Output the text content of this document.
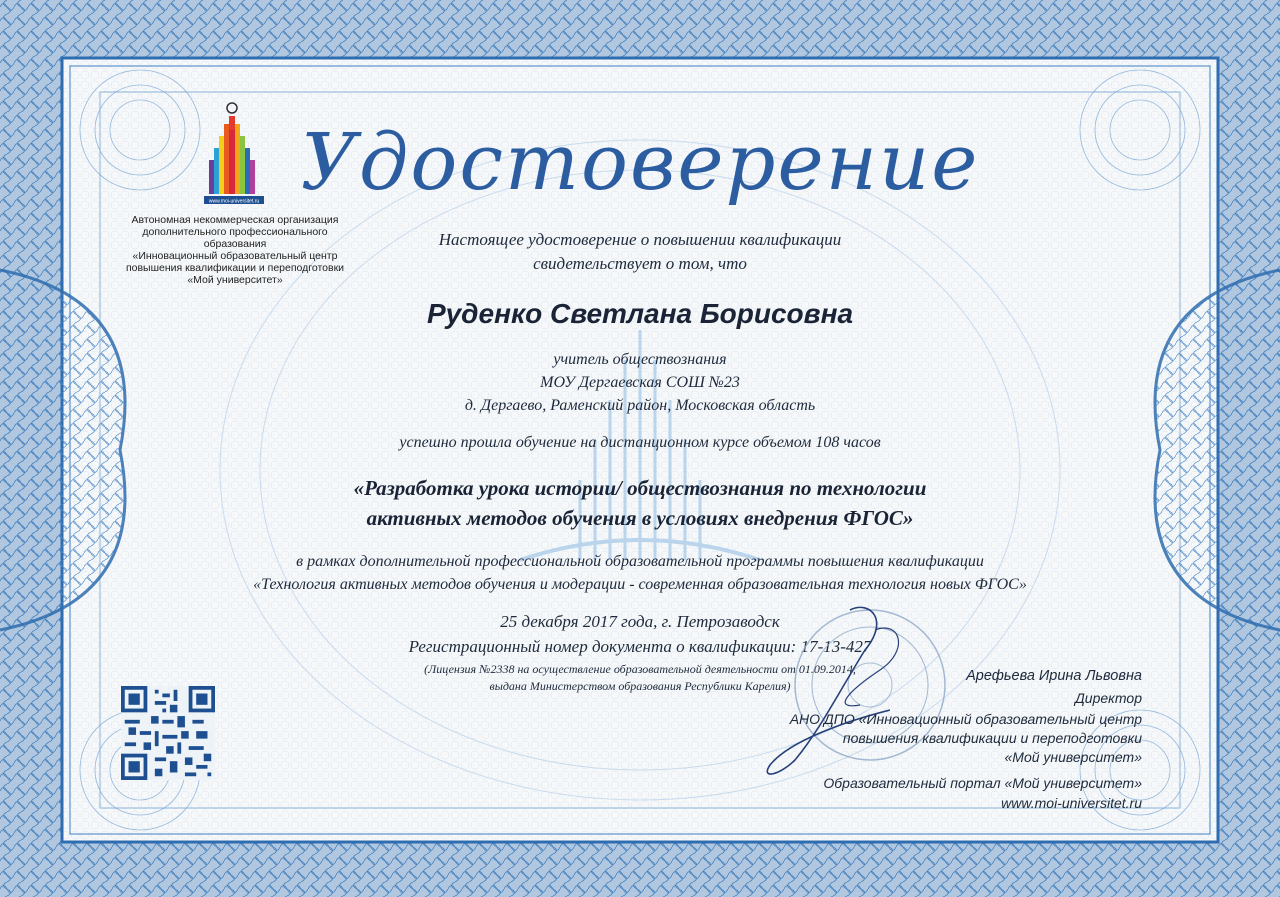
www.moi-universitet.ru
Автономная некоммерческая организация
дополнительного профессионального образования
«Инновационный образовательный центр
повышения квалификации и переподготовки
«Мой университет»
Удостоверение
Настоящее удостоверение о повышении квалификации
свидетельствует о том, что
Руденко Светлана Борисовна
учитель обществознания
МОУ Дергаевская СОШ №23
д. Дергаево, Раменский район, Московская область
успешно прошла обучение на дистанционном курсе объемом 108 часов
«Разработка урока истории/ обществознания по технологии
активных методов обучения в условиях внедрения ФГОС»
в рамках дополнительной профессиональной образовательной программы повышения квалификации
«Технология активных методов обучения и модерации - современная образовательная технология новых ФГОС»
25 декабря 2017 года, г. Петрозаводск
Регистрационный номер документа о квалификации: 17-13-427
(Лицензия №2338 на осуществление образовательной деятельности от 01.09.2014,
выдана Министерством образования Республики Карелия)
Арефьева Ирина Львовна
Директор
АНО ДПО «Инновационный образовательный центр
повышения квалификации и переподготовки
«Мой университет»
Образовательный портал «Мой университет»
www.moi-universitet.ru
